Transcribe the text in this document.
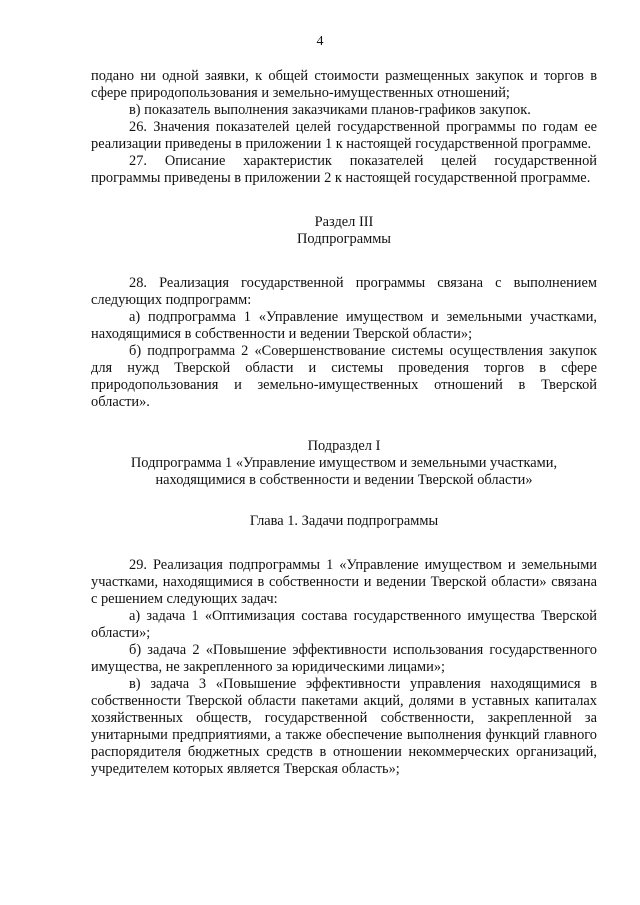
4

подано ни одной заявки, к общей стоимости размещенных закупок и торгов в сфере природопользования и земельно-имущественных отношений;

в) показатель выполнения заказчиками планов-графиков закупок.

26. Значения показателей целей государственной программы по годам ее реализации приведены в приложении 1 к настоящей государственной программе.

27. Описание характеристик показателей целей государственной программы приведены в приложении 2 к настоящей государственной программе.

Раздел III

Подпрограммы

28. Реализация государственной программы связана с выполнением следующих подпрограмм:

а) подпрограмма 1 «Управление имуществом и земельными участками, находящимися в собственности и ведении Тверской области»;

б) подпрограмма 2 «Совершенствование системы осуществления закупок для нужд Тверской области и системы проведения торгов в сфере природопользования и земельно-имущественных отношений в Тверской области».

Подраздел I

Подпрограмма 1 «Управление имуществом и земельными участками, находящимися в собственности и ведении Тверской области»

Глава 1. Задачи подпрограммы

29. Реализация подпрограммы 1 «Управление имуществом и земельными участками, находящимися в собственности и ведении Тверской области» связана с решением следующих задач:

а) задача 1 «Оптимизация состава государственного имущества Тверской области»;

б) задача 2 «Повышение эффективности использования государственного имущества, не закрепленного за юридическими лицами»;

в) задача 3 «Повышение эффективности управления находящимися в собственности Тверской области пакетами акций, долями в уставных капиталах хозяйственных обществ, государственной собственности, закрепленной за унитарными предприятиями, а также обеспечение выполнения функций главного распорядителя бюджетных средств в отношении некоммерческих организаций, учредителем которых является Тверская область»;
